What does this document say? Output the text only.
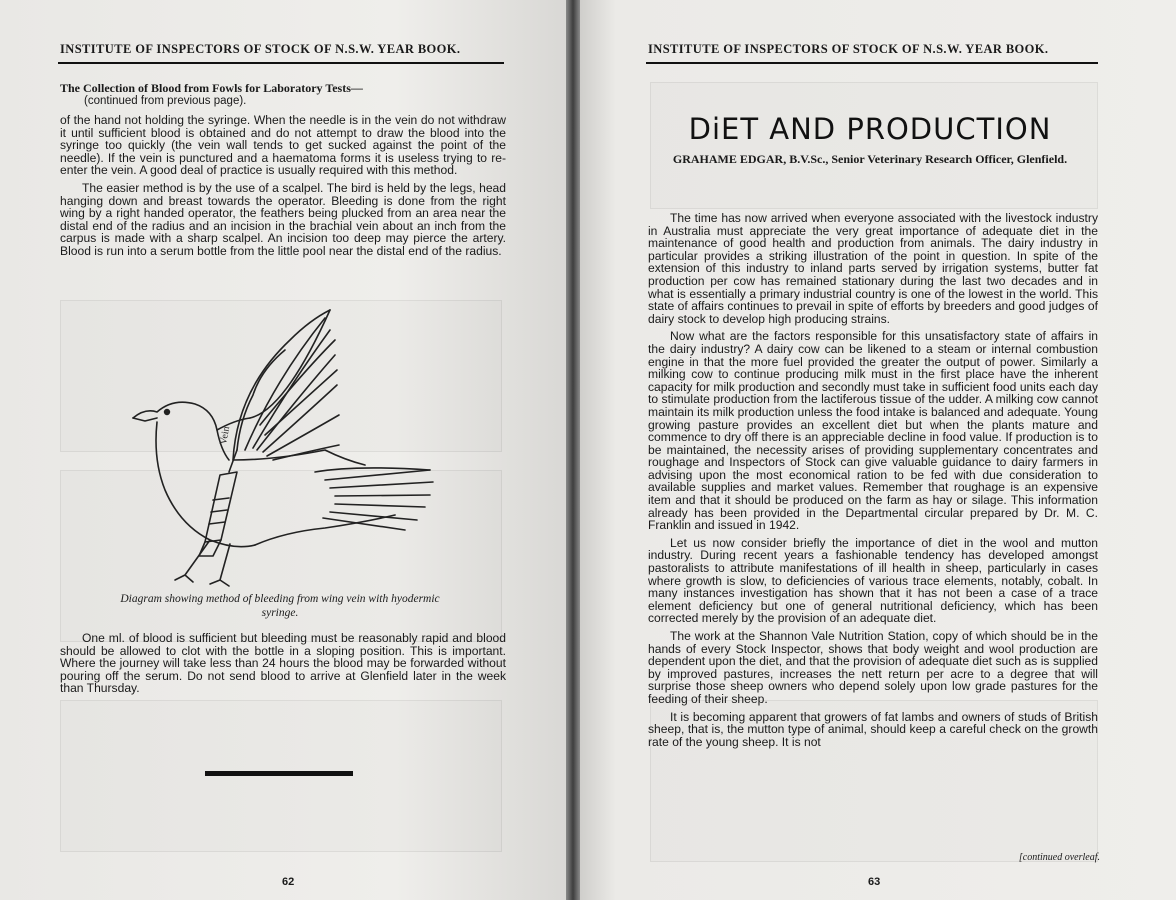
INSTITUTE OF INSPECTORS OF STOCK OF N.S.W. YEAR BOOK.
The Collection of Blood from Fowls for Laboratory Tests—
(continued from previous page).

of the hand not holding the syringe. When the needle is in the vein do not withdraw it until sufficient blood is obtained and do not attempt to draw the blood into the syringe too quickly (the vein wall tends to get sucked against the point of the needle). If the vein is punctured and a haematoma forms it is useless trying to re-enter the vein. A good deal of practice is usually required with this method.

The easier method is by the use of a scalpel. The bird is held by the legs, head hanging down and breast towards the operator. Bleeding is done from the right wing by a right handed operator, the feathers being plucked from an area near the distal end of the radius and an incision in the brachial vein about an inch from the carpus is made with a sharp scalpel. An incision too deep may pierce the artery. Blood is run into a serum bottle from the little pool near the distal end of the radius.

Vein
Diagram showing method of bleeding from wing vein with hyodermic syringe.

One ml. of blood is sufficient but bleeding must be reasonably rapid and blood should be allowed to clot with the bottle in a sloping position. This is important. Where the journey will take less than 24 hours the blood may be forwarded without pouring off the serum. Do not send blood to arrive at Glenfield later in the week than Thursday.

62
INSTITUTE OF INSPECTORS OF STOCK OF N.S.W. YEAR BOOK.
DiET AND PRODUCTION
GRAHAME EDGAR, B.V.Sc., Senior Veterinary Research Officer, Glenfield.

The time has now arrived when everyone associated with the livestock industry in Australia must appreciate the very great importance of adequate diet in the maintenance of good health and production from animals. The dairy industry in particular provides a striking illustration of the point in question. In spite of the extension of this industry to inland parts served by irrigation systems, butter fat production per cow has remained stationary during the last two decades and in what is essentially a primary industrial country is one of the lowest in the world. This state of affairs continues to prevail in spite of efforts by breeders and good judges of dairy stock to develop high producing strains.

Now what are the factors responsible for this unsatisfactory state of affairs in the dairy industry? A dairy cow can be likened to a steam or internal combustion engine in that the more fuel provided the greater the output of power. Similarly a milking cow to continue producing milk must in the first place have the inherent capacity for milk production and secondly must take in sufficient food units each day to stimulate production from the lactiferous tissue of the udder. A milking cow cannot maintain its milk production unless the food intake is balanced and adequate. Young growing pasture provides an excellent diet but when the plants mature and commence to dry off there is an appreciable decline in food value. If production is to be maintained, the necessity arises of providing supplementary concentrates and roughage and Inspectors of Stock can give valuable guidance to dairy farmers in advising upon the most economical ration to be fed with due consideration to available supplies and market values. Remember that roughage is an expensive item and that it should be produced on the farm as hay or silage. This information already has been provided in the Departmental circular prepared by Dr. M. C. Franklin and issued in 1942.

Let us now consider briefly the importance of diet in the wool and mutton industry. During recent years a fashionable tendency has developed amongst pastoralists to attribute manifestations of ill health in sheep, particularly in cases where growth is slow, to deficiencies of various trace elements, notably, cobalt. In many instances investigation has shown that it has not been a case of a trace element deficiency but one of general nutritional deficiency, which has been corrected merely by the provision of an adequate diet.

The work at the Shannon Vale Nutrition Station, copy of which should be in the hands of every Stock Inspector, shows that body weight and wool production are dependent upon the diet, and that the provision of adequate diet such as is supplied by improved pastures, increases the nett return per acre to a degree that will surprise those sheep owners who depend solely upon low grade pastures for the feeding of their sheep.

It is becoming apparent that growers of fat lambs and owners of studs of British sheep, that is, the mutton type of animal, should keep a careful check on the growth rate of the young sheep. It is not

[continued overleaf.
63
